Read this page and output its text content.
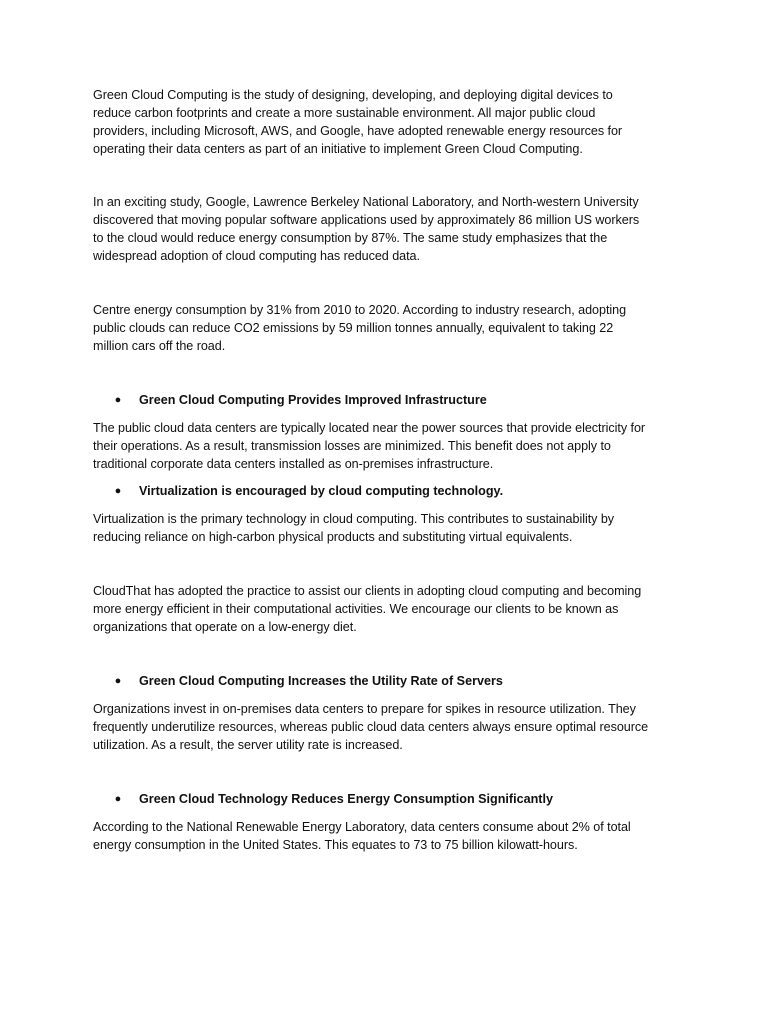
Green Cloud Computing is the study of designing, developing, and deploying digital devices to
reduce carbon footprints and create a more sustainable environment. All major public cloud
providers, including Microsoft, AWS, and Google, have adopted renewable energy resources for
operating their data centers as part of an initiative to implement Green Cloud Computing.
In an exciting study, Google, Lawrence Berkeley National Laboratory, and North-western University
discovered that moving popular software applications used by approximately 86 million US workers
to the cloud would reduce energy consumption by 87%. The same study emphasizes that the
widespread adoption of cloud computing has reduced data.
Centre energy consumption by 31% from 2010 to 2020. According to industry research, adopting
public clouds can reduce CO2 emissions by 59 million tonnes annually, equivalent to taking 22
million cars off the road.
● Green Cloud Computing Provides Improved Infrastructure
The public cloud data centers are typically located near the power sources that provide electricity for
their operations. As a result, transmission losses are minimized. This benefit does not apply to
traditional corporate data centers installed as on-premises infrastructure.
● Virtualization is encouraged by cloud computing technology.
Virtualization is the primary technology in cloud computing. This contributes to sustainability by
reducing reliance on high-carbon physical products and substituting virtual equivalents.
CloudThat has adopted the practice to assist our clients in adopting cloud computing and becoming
more energy efficient in their computational activities. We encourage our clients to be known as
organizations that operate on a low-energy diet.
● Green Cloud Computing Increases the Utility Rate of Servers
Organizations invest in on-premises data centers to prepare for spikes in resource utilization. They
frequently underutilize resources, whereas public cloud data centers always ensure optimal resource
utilization. As a result, the server utility rate is increased.
● Green Cloud Technology Reduces Energy Consumption Significantly
According to the National Renewable Energy Laboratory, data centers consume about 2% of total
energy consumption in the United States. This equates to 73 to 75 billion kilowatt-hours.
